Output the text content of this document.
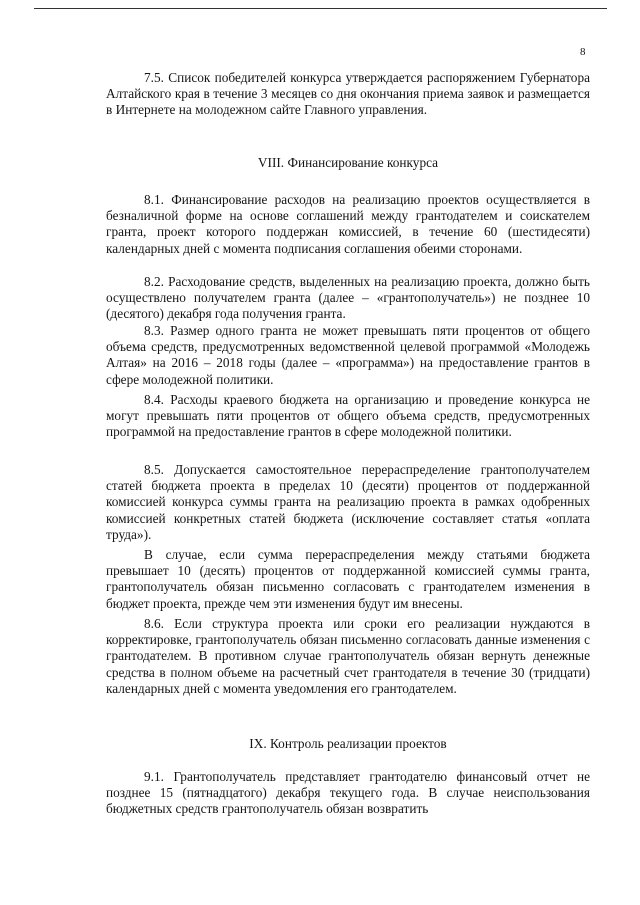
8
7.5. Список победителей конкурса утверждается распоряжением Губернатора Алтайского края в течение 3 месяцев со дня окончания приема заявок и размещается в Интернете на молодежном сайте Главного управления.
VIII. Финансирование конкурса
8.1. Финансирование расходов на реализацию проектов осуществляется в безналичной форме на основе соглашений между грантодателем и соискателем гранта, проект которого поддержан комиссией, в течение 60 (шестидесяти) календарных дней с момента подписания соглашения обеими сторонами.
8.2. Расходование средств, выделенных на реализацию проекта, должно быть осуществлено получателем гранта (далее – «грантополучатель») не позднее 10 (десятого) декабря года получения гранта.
8.3. Размер одного гранта не может превышать пяти процентов от общего объема средств, предусмотренных ведомственной целевой программой «Молодежь Алтая» на 2016 – 2018 годы (далее – «программа») на предоставление грантов в сфере молодежной политики.
8.4. Расходы краевого бюджета на организацию и проведение конкурса не могут превышать пяти процентов от общего объема средств, предусмотренных программой на предоставление грантов в сфере молодежной политики.
8.5. Допускается самостоятельное перераспределение грантополучателем статей бюджета проекта в пределах 10 (десяти) процентов от поддержанной комиссией конкурса суммы гранта на реализацию проекта в рамках одобренных комиссией конкретных статей бюджета (исключение составляет статья «оплата труда»).
В случае, если сумма перераспределения между статьями бюджета превышает 10 (десять) процентов от поддержанной комиссией суммы гранта, грантополучатель обязан письменно согласовать с грантодателем изменения в бюджет проекта, прежде чем эти изменения будут им внесены.
8.6. Если структура проекта или сроки его реализации нуждаются в корректировке, грантополучатель обязан письменно согласовать данные изменения с грантодателем. В противном случае грантополучатель обязан вернуть денежные средства в полном объеме на расчетный счет грантодателя в течение 30 (тридцати) календарных дней с момента уведомления его грантодателем.
IX. Контроль реализации проектов
9.1. Грантополучатель представляет грантодателю финансовый отчет не позднее 15 (пятнадцатого) декабря текущего года. В случае неиспользования бюджетных средств грантополучатель обязан возвратить
